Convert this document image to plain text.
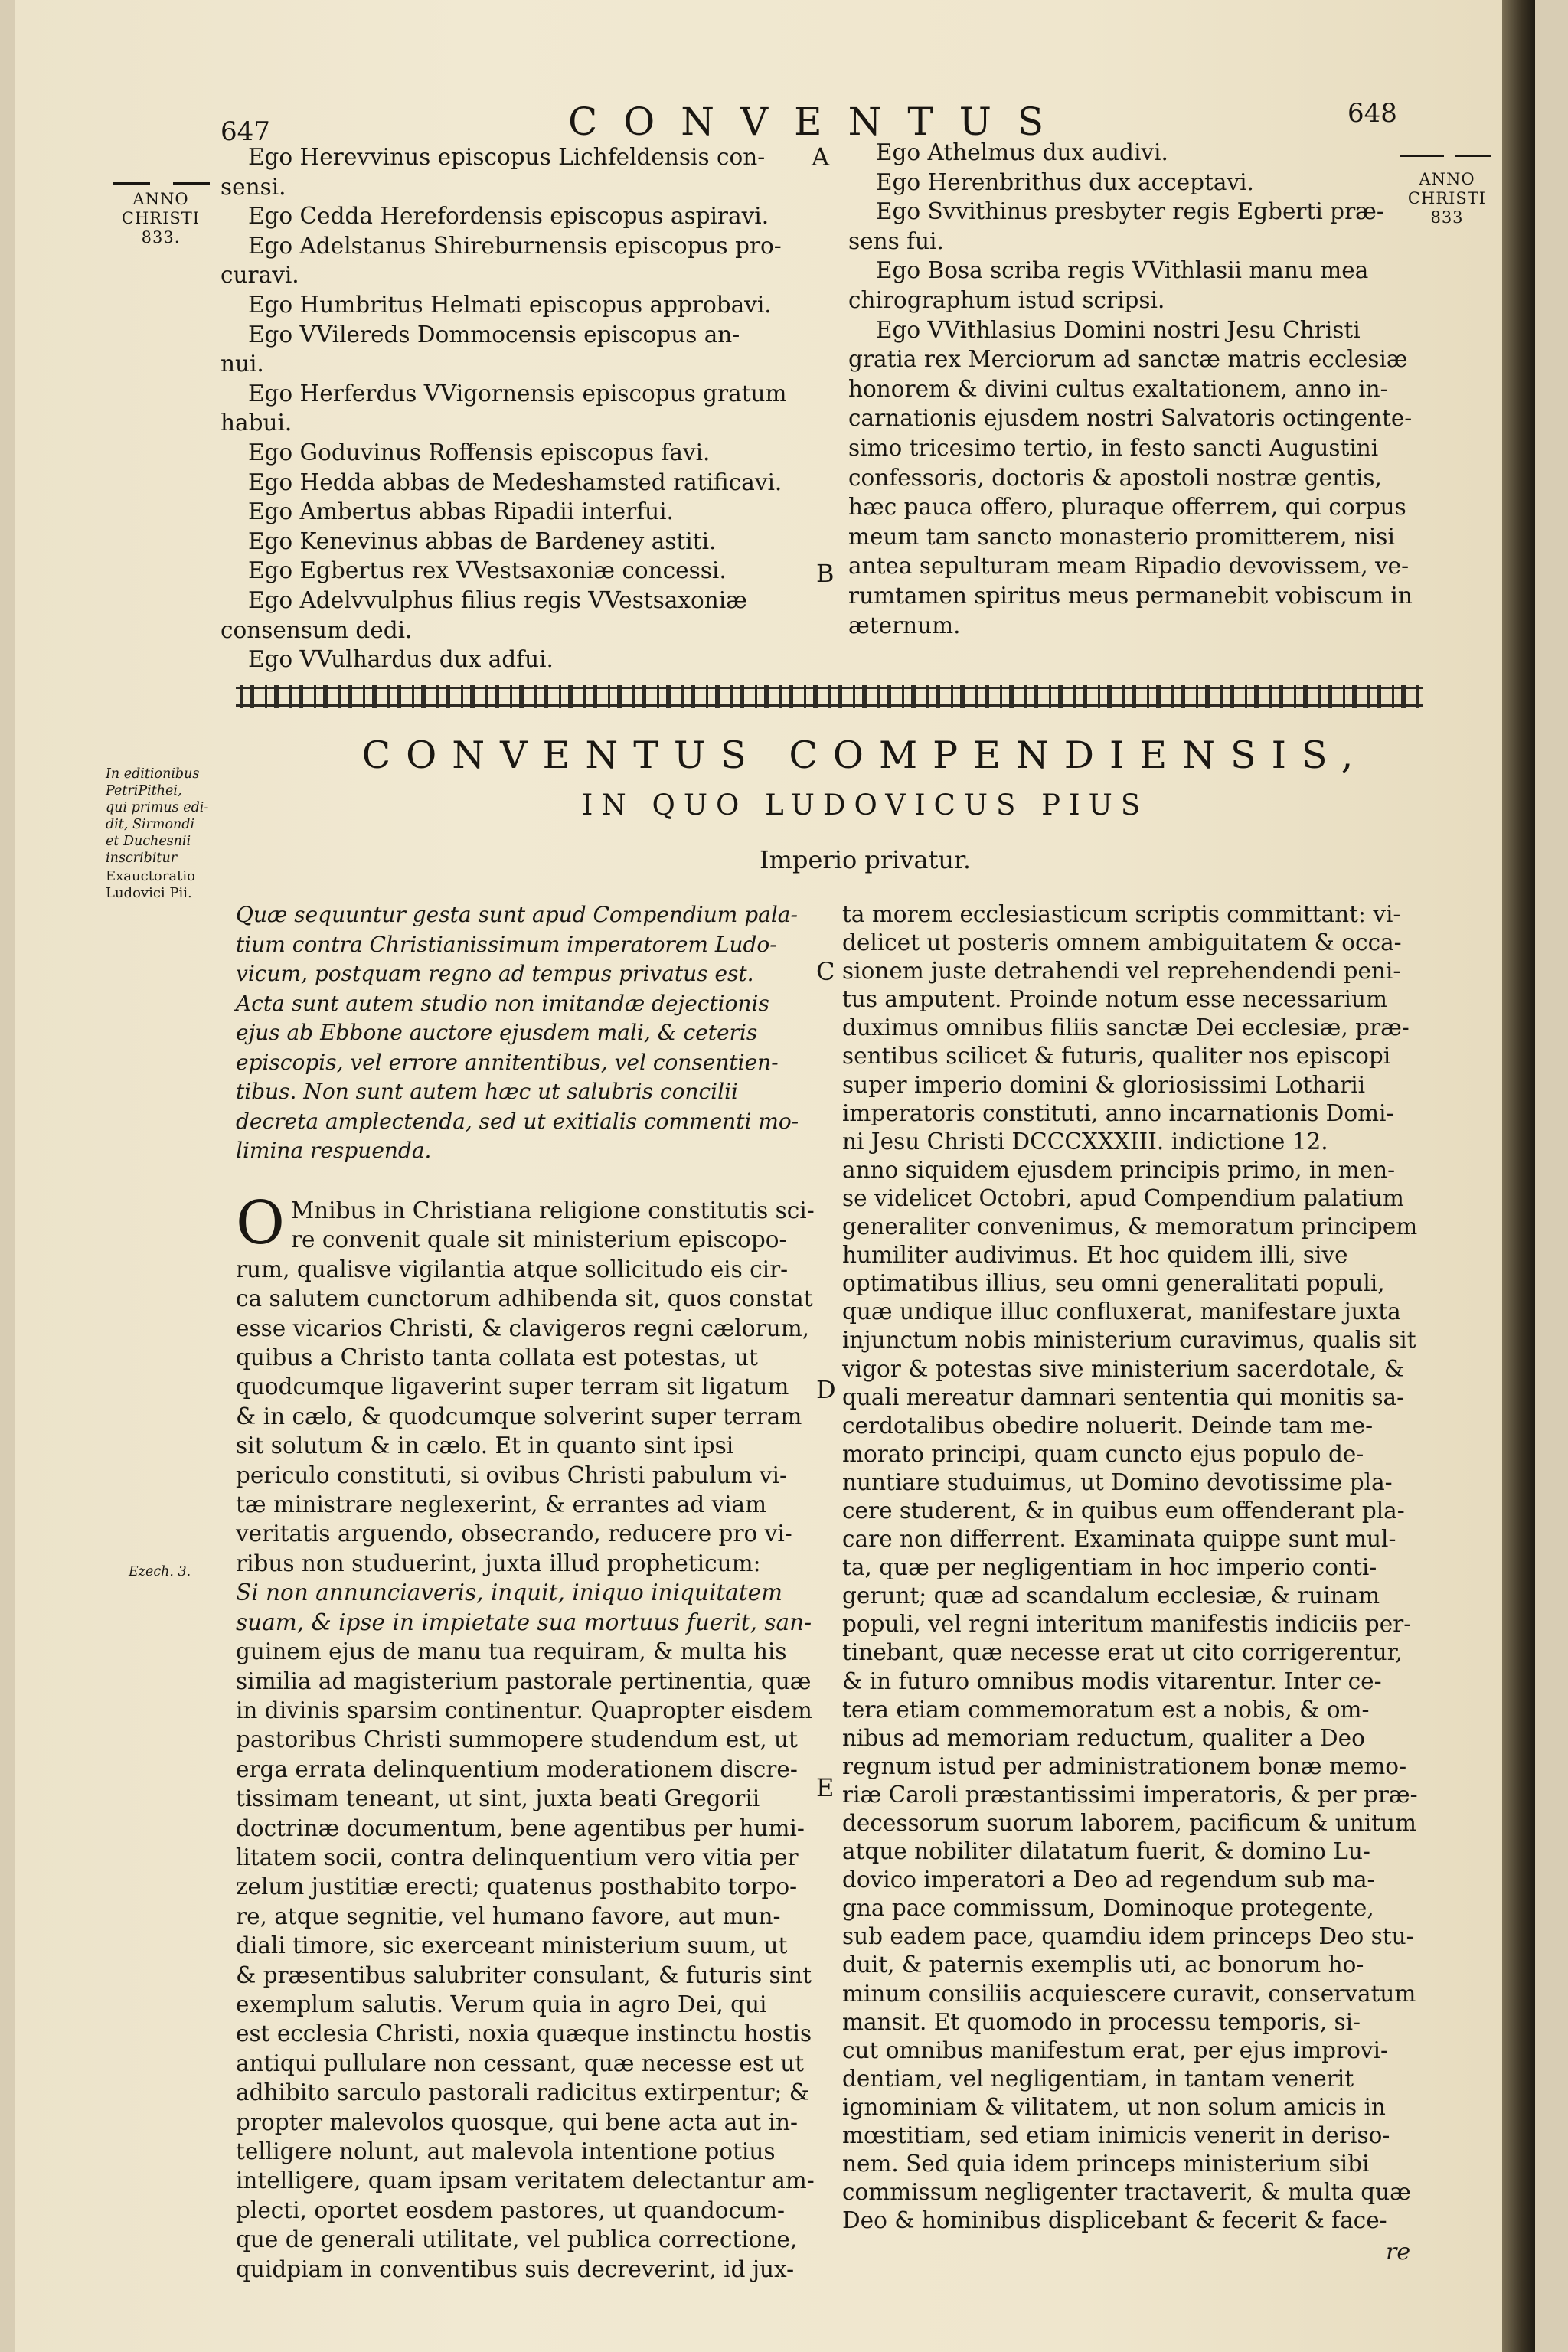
647	CONVENTUS	648
ANNO
CHRISTI
833.
ANNO
CHRISTI
833

Ego Herevvinus episcopus Lichfeldensis con-

sensi.

Ego Cedda Herefordensis episcopus aspiravi.

Ego Adelstanus Shireburnensis episcopus pro-

curavi.

Ego Humbritus Helmati episcopus approbavi.

Ego VVilereds Dommocensis episcopus an-

nui.

Ego Herferdus VVigornensis episcopus gratum

habui.

Ego Goduvinus Roffensis episcopus favi.

Ego Hedda abbas de Medeshamsted ratificavi.

Ego Ambertus abbas Ripadii interfui.

Ego Kenevinus abbas de Bardeney astiti.

Ego Egbertus rex VVestsaxoniæ concessi.

Ego Adelvvulphus filius regis VVestsaxoniæ

consensum dedi.

Ego VVulhardus dux adfui.

A
B
C
D
E

Ego Athelmus dux audivi.

Ego Herenbrithus dux acceptavi.

Ego Svvithinus presbyter regis Egberti præ-

sens fui.

Ego Bosa scriba regis VVithlasii manu mea

chirographum istud scripsi.

Ego VVithlasius Domini nostri Jesu Christi

gratia rex Merciorum ad sanctæ matris ecclesiæ

honorem & divini cultus exaltationem, anno in-

carnationis ejusdem nostri Salvatoris octingente-

simo tricesimo tertio, in festo sancti Augustini

confessoris, doctoris & apostoli nostræ gentis,

hæc pauca offero, pluraque offerrem, qui corpus

meum tam sancto monasterio promitterem, nisi

antea sepulturam meam Ripadio devovissem, ve-

rumtamen spiritus meus permanebit vobiscum in

æternum.

CONVENTUS COMPENDIENSIS,
IN QUO LUDOVICUS PIUS
Imperio privatur.
In editionibus
PetriPithei,
qui primus edi-
dit, Sirmondi
et Duchesnii
inscribitur
Exauctoratio
Ludovici Pii.
Ezech. 3.

Quæ sequuntur gesta sunt apud Compendium pala-

tium contra Christianissimum imperatorem Ludo-

vicum, postquam regno ad tempus privatus est.

Acta sunt autem studio non imitandæ dejectionis

ejus ab Ebbone auctore ejusdem mali, & ceteris

episcopis, vel errore annitentibus, vel consentien-

tibus. Non sunt autem hæc ut salubris concilii

decreta amplectenda, sed ut exitialis commenti mo-

limina respuenda.

O Mnibus in Christiana religione constitutis sci-

re convenit quale sit ministerium episcopo-

rum, qualisve vigilantia atque sollicitudo eis cir-

ca salutem cunctorum adhibenda sit, quos constat

esse vicarios Christi, & clavigeros regni cælorum,

quibus a Christo tanta collata est potestas, ut

quodcumque ligaverint super terram sit ligatum

& in cælo, & quodcumque solverint super terram

sit solutum & in cælo. Et in quanto sint ipsi

periculo constituti, si ovibus Christi pabulum vi-

tæ ministrare neglexerint, & errantes ad viam

veritatis arguendo, obsecrando, reducere pro vi-

ribus non studuerint, juxta illud propheticum:

Si non annunciaveris, inquit, iniquo iniquitatem

suam, & ipse in impietate sua mortuus fuerit, san-

guinem ejus de manu tua requiram, & multa his

similia ad magisterium pastorale pertinentia, quæ

in divinis sparsim continentur. Quapropter eisdem

pastoribus Christi summopere studendum est, ut

erga errata delinquentium moderationem discre-

tissimam teneant, ut sint, juxta beati Gregorii

doctrinæ documentum, bene agentibus per humi-

litatem socii, contra delinquentium vero vitia per

zelum justitiæ erecti; quatenus posthabito torpo-

re, atque segnitie, vel humano favore, aut mun-

diali timore, sic exerceant ministerium suum, ut

& præsentibus salubriter consulant, & futuris sint

exemplum salutis. Verum quia in agro Dei, qui

est ecclesia Christi, noxia quæque instinctu hostis

antiqui pullulare non cessant, quæ necesse est ut

adhibito sarculo pastorali radicitus extirpentur; &

propter malevolos quosque, qui bene acta aut in-

telligere nolunt, aut malevola intentione potius

intelligere, quam ipsam veritatem delectantur am-

plecti, oportet eosdem pastores, ut quandocum-

que de generali utilitate, vel publica correctione,

quidpiam in conventibus suis decreverint, id jux-

ta morem ecclesiasticum scriptis committant: vi-

delicet ut posteris omnem ambiguitatem & occa-

sionem juste detrahendi vel reprehendendi peni-

tus amputent. Proinde notum esse necessarium

duximus omnibus filiis sanctæ Dei ecclesiæ, præ-

sentibus scilicet & futuris, qualiter nos episcopi

super imperio domini & gloriosissimi Lotharii

imperatoris constituti, anno incarnationis Domi-

ni Jesu Christi DCCCXXXIII. indictione 12.

anno siquidem ejusdem principis primo, in men-

se videlicet Octobri, apud Compendium palatium

generaliter convenimus, & memoratum principem

humiliter audivimus. Et hoc quidem illi, sive

optimatibus illius, seu omni generalitati populi,

quæ undique illuc confluxerat, manifestare juxta

injunctum nobis ministerium curavimus, qualis sit

vigor & potestas sive ministerium sacerdotale, &

quali mereatur damnari sententia qui monitis sa-

cerdotalibus obedire noluerit. Deinde tam me-

morato principi, quam cuncto ejus populo de-

nuntiare studuimus, ut Domino devotissime pla-

cere studerent, & in quibus eum offenderant pla-

care non differrent. Examinata quippe sunt mul-

ta, quæ per negligentiam in hoc imperio conti-

gerunt; quæ ad scandalum ecclesiæ, & ruinam

populi, vel regni interitum manifestis indiciis per-

tinebant, quæ necesse erat ut cito corrigerentur,

& in futuro omnibus modis vitarentur. Inter ce-

tera etiam commemoratum est a nobis, & om-

nibus ad memoriam reductum, qualiter a Deo

regnum istud per administrationem bonæ memo-

riæ Caroli præstantissimi imperatoris, & per præ-

decessorum suorum laborem, pacificum & unitum

atque nobiliter dilatatum fuerit, & domino Lu-

dovico imperatori a Deo ad regendum sub ma-

gna pace commissum, Dominoque protegente,

sub eadem pace, quamdiu idem princeps Deo stu-

duit, & paternis exemplis uti, ac bonorum ho-

minum consiliis acquiescere curavit, conservatum

mansit. Et quomodo in processu temporis, si-

cut omnibus manifestum erat, per ejus improvi-

dentiam, vel negligentiam, in tantam venerit

ignominiam & vilitatem, ut non solum amicis in

mœstitiam, sed etiam inimicis venerit in deriso-

nem. Sed quia idem princeps ministerium sibi

commissum negligenter tractaverit, & multa quæ

Deo & hominibus displicebant & fecerit & face-

re
